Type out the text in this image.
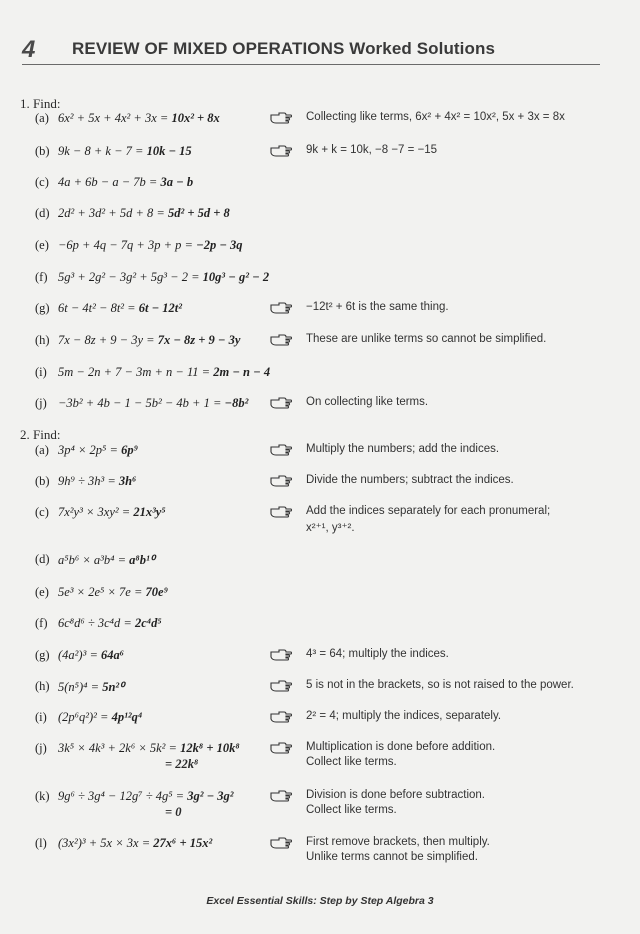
4 REVIEW OF MIXED OPERATIONS Worked Solutions
1. Find:
(a) 6x² + 5x + 4x² + 3x = 10x² + 8x	Collecting like terms, 6x² + 4x² = 10x², 5x + 3x = 8x
(b) 9k − 8 + k − 7 = 10k − 15	9k + k = 10k, −8 −7 = −15
(c) 4a + 6b − a − 7b = 3a − b
(d) 2d² + 3d² + 5d + 8 = 5d² + 5d + 8
(e) −6p + 4q − 7q + 3p + p = −2p − 3q
(f) 5g³ + 2g² − 3g² + 5g³ − 2 = 10g³ − g² − 2
(g) 6t − 4t² − 8t² = 6t − 12t²	−12t² + 6t is the same thing.
(h) 7x − 8z + 9 − 3y = 7x − 8z + 9 − 3y	These are unlike terms so cannot be simplified.
(i) 5m − 2n + 7 − 3m + n − 11 = 2m − n − 4
(j) −3b² + 4b − 1 − 5b² − 4b + 1 = −8b²	On collecting like terms.
2. Find:
(a) 3p⁴ × 2p⁵ = 6p⁹	Multiply the numbers; add the indices.
(b) 9h⁹ ÷ 3h³ = 3h⁶	Divide the numbers; subtract the indices.
(c) 7x²y³ × 3xy² = 21x³y⁵	Add the indices separately for each pronumeral;
x²⁺¹, y³⁺².
(d) a⁵b⁶ × a³b⁴ = a⁸b¹⁰
(e) 5e³ × 2e⁵ × 7e = 70e⁹
(f) 6c⁸d⁶ ÷ 3c⁴d = 2c⁴d⁵
(g) (4a²)³ = 64a⁶	4³ = 64; multiply the indices.
(h) 5(n⁵)⁴ = 5n²⁰	5 is not in the brackets, so is not raised to the power.
(i) (2p⁶q²)² = 4p¹²q⁴	2² = 4; multiply the indices, separately.
(j) 3k⁵ × 4k³ + 2k⁶ × 5k² = 12k⁸ + 10k⁸	Multiplication is done before addition.
Collect like terms.
= 22k⁸
(k) 9g⁶ ÷ 3g⁴ − 12g⁷ ÷ 4g⁵ = 3g² − 3g²	Division is done before subtraction.
Collect like terms.
= 0
(l) (3x²)³ + 5x × 3x = 27x⁶ + 15x²	First remove brackets, then multiply.
Unlike terms cannot be simplified.
Excel Essential Skills: Step by Step Algebra 3
